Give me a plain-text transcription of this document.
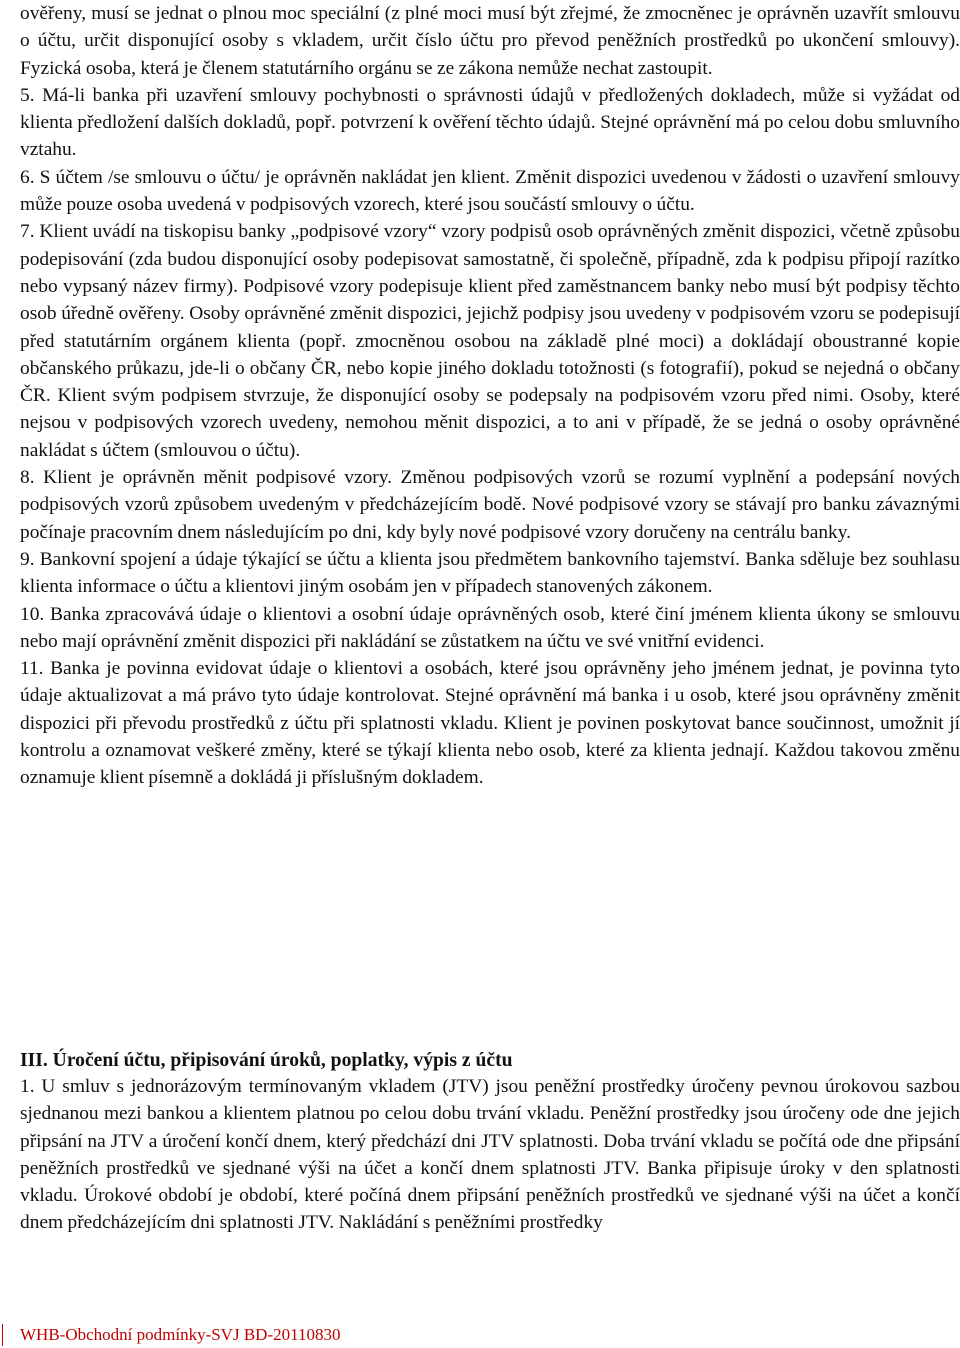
ověřeny, musí se jednat o plnou moc speciální (z plné moci musí být zřejmé, že zmocněnec je oprávněn uzavřít smlouvu o účtu, určit disponující osoby s vkladem, určit číslo účtu pro převod peněžních prostředků po ukončení smlouvy). Fyzická osoba, která je členem statutárního orgánu se ze zákona nemůže nechat zastoupit.

5. Má-li banka při uzavření smlouvy pochybnosti o správnosti údajů v předložených dokladech, může si vyžádat od klienta předložení dalších dokladů, popř. potvrzení k ověření těchto údajů. Stejné oprávnění má po celou dobu smluvního vztahu.

6. S účtem /se smlouvu o účtu/ je oprávněn nakládat jen klient. Změnit dispozici uvedenou v žádosti o uzavření smlouvy může pouze osoba uvedená v podpisových vzorech, které jsou součástí smlouvy o účtu.

7. Klient uvádí na tiskopisu banky „podpisové vzory“ vzory podpisů osob oprávněných změnit dispozici, včetně způsobu podepisování (zda budou disponující osoby podepisovat samostatně, či společně, případně, zda k podpisu připojí razítko nebo vypsaný název firmy). Podpisové vzory podepisuje klient před zaměstnancem banky nebo musí být podpisy těchto osob úředně ověřeny. Osoby oprávněné změnit dispozici, jejichž podpisy jsou uvedeny v podpisovém vzoru se podepisují před statutárním orgánem klienta (popř. zmocněnou osobou na základě plné moci) a dokládají oboustranné kopie občanského průkazu, jde-li o občany ČR, nebo kopie jiného dokladu totožnosti (s fotografií), pokud se nejedná o občany ČR. Klient svým podpisem stvrzuje, že disponující osoby se podepsaly na podpisovém vzoru před nimi. Osoby, které nejsou v podpisových vzorech uvedeny, nemohou měnit dispozici, a to ani v případě, že se jedná o osoby oprávněné nakládat s účtem (smlouvou o účtu).

8. Klient je oprávněn měnit podpisové vzory. Změnou podpisových vzorů se rozumí vyplnění a podepsání nových podpisových vzorů způsobem uvedeným v předcházejícím bodě. Nové podpisové vzory se stávají pro banku závaznými počínaje pracovním dnem následujícím po dni, kdy byly nové podpisové vzory doručeny na centrálu banky.

9. Bankovní spojení a údaje týkající se účtu a klienta jsou předmětem bankovního tajemství. Banka sděluje bez souhlasu klienta informace o účtu a klientovi jiným osobám jen v případech stanovených zákonem.

10. Banka zpracovává údaje o klientovi a osobní údaje oprávněných osob, které činí jménem klienta úkony se smlouvu nebo mají oprávnění změnit dispozici při nakládání se zůstatkem na účtu ve své vnitřní evidenci.

11. Banka je povinna evidovat údaje o klientovi a osobách, které jsou oprávněny jeho jménem jednat, je povinna tyto údaje aktualizovat a má právo tyto údaje kontrolovat. Stejné oprávnění má banka i u osob, které jsou oprávněny změnit dispozici při převodu prostředků z účtu při splatnosti vkladu. Klient je povinen poskytovat bance součinnost, umožnit jí kontrolu a oznamovat veškeré změny, které se týkají klienta nebo osob, které za klienta jednají. Každou takovou změnu oznamuje klient písemně a dokládá ji příslušným dokladem.

III. Úročení účtu, připisování úroků, poplatky, výpis z účtu

1. U smluv s jednorázovým termínovaným vkladem (JTV) jsou peněžní prostředky úročeny pevnou úrokovou sazbou sjednanou mezi bankou a klientem platnou po celou dobu trvání vkladu. Peněžní prostředky jsou úročeny ode dne jejich připsání na JTV a úročení končí dnem, který předchází dni JTV splatnosti. Doba trvání vkladu se počítá ode dne připsání peněžních prostředků ve sjednané výši na účet a končí dnem splatnosti JTV. Banka připisuje úroky v den splatnosti vkladu. Úrokové období je období, které počíná dnem připsání peněžních prostředků ve sjednané výši na účet a končí dnem předcházejícím dni splatnosti JTV. Nakládání s peněžními prostředky

WHB-Obchodní podmínky-SVJ BD-20110830
